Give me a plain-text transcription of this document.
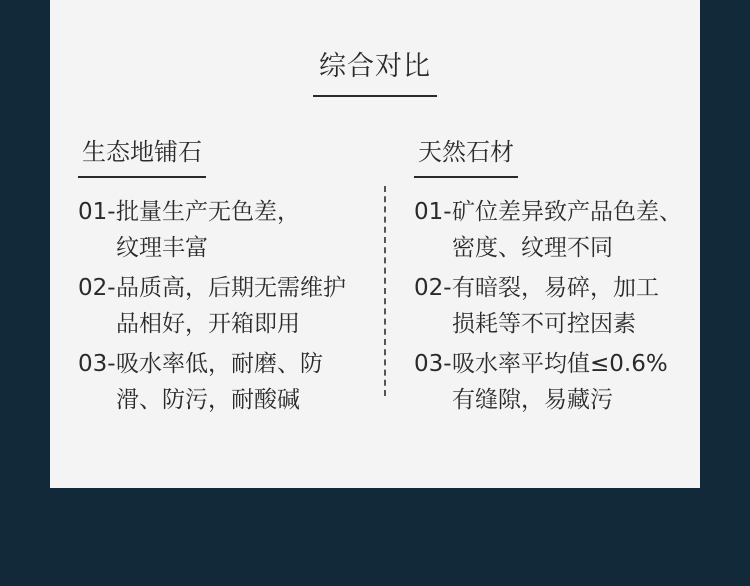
综合对比
生态地铺石
01- 批量生产无色差，
纹理丰富
02- 品质高，后期无需维护
品相好，开箱即用
03- 吸水率低，耐磨、防
滑、防污，耐酸碱
天然石材
01- 矿位差异致产品色差、
密度、纹理不同
02- 有暗裂，易碎，加工
损耗等不可控因素
03- 吸水率平均值≤0.6%
有缝隙，易藏污
